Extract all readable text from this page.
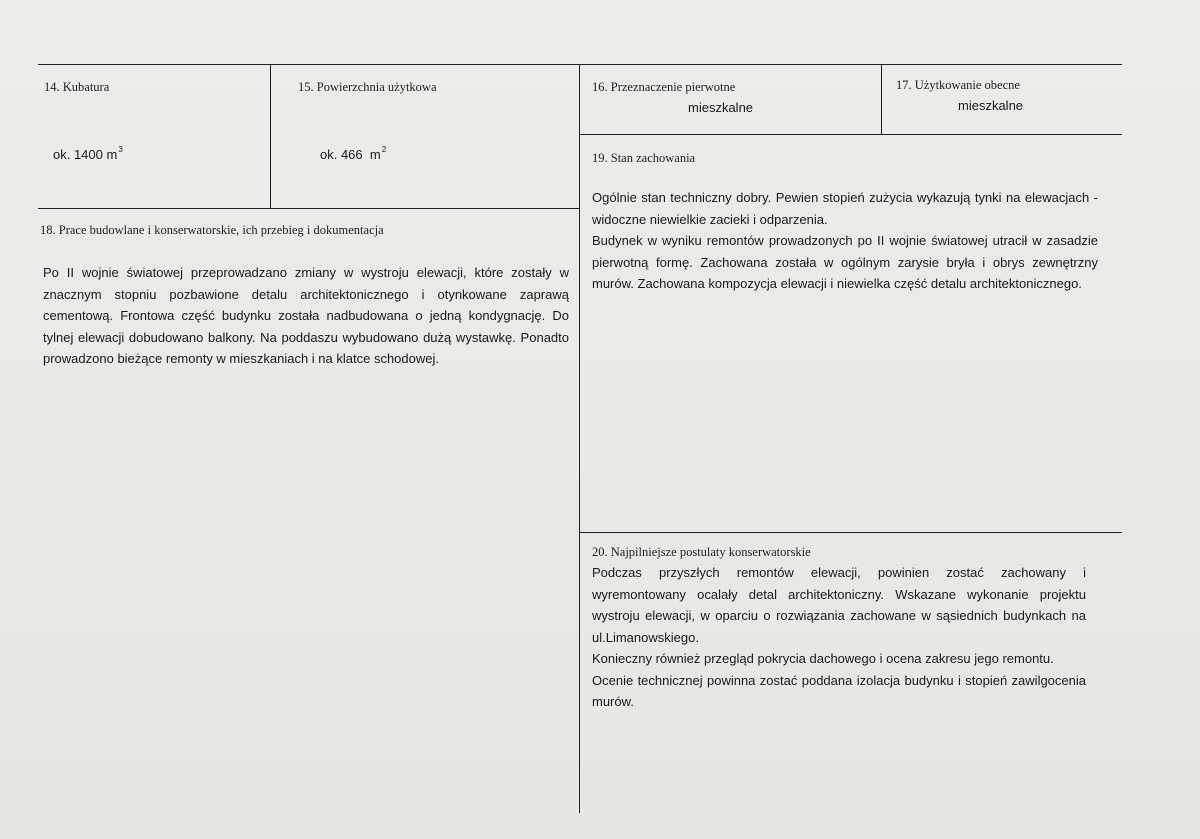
14. Kubatura
ok. 1400 $m^3$
15. Powierzchnia użytkowa
ok. 466  $m^2$
16. Przeznaczenie pierwotne
mieszkalne
17. Użytkowanie obecne
mieszkalne
18. Prace budowlane i konserwatorskie, ich przebieg i dokumentacja
Po II wojnie światowej przeprowadzano zmiany w wystroju elewacji, które zostały w znacznym stopniu pozbawione detalu architektonicznego i otynkowane zaprawą cementową. Frontowa część budynku została nadbudowana o jedną kondygnację. Do tylnej elewacji dobudowano balkony. Na poddaszu wybudowano dużą wystawkę. Ponadto prowadzono bieżące remonty w mieszkaniach i na klatce schodowej.
19. Stan zachowania

Ogólnie stan techniczny dobry. Pewien stopień zużycia wykazują tynki na elewacjach - widoczne niewielkie zacieki i odparzenia.

Budynek w wyniku remontów prowadzonych po II wojnie światowej utracił w zasadzie pierwotną formę. Zachowana została w ogólnym zarysie bryła i obrys zewnętrzny murów. Zachowana kompozycja elewacji i niewielka część detalu architektonicznego.

20. Najpilniejsze postulaty konserwatorskie

Podczas przyszłych remontów elewacji, powinien zostać zachowany i wyremontowany ocalały detal architektoniczny. Wskazane wykonanie projektu wystroju elewacji, w oparciu o rozwiązania zachowane w sąsiednich budynkach na ul.Limanowskiego.

Konieczny również przegląd pokrycia dachowego i ocena zakresu jego remontu.

Ocenie technicznej powinna zostać poddana izolacja budynku i stopień zawilgocenia murów.
